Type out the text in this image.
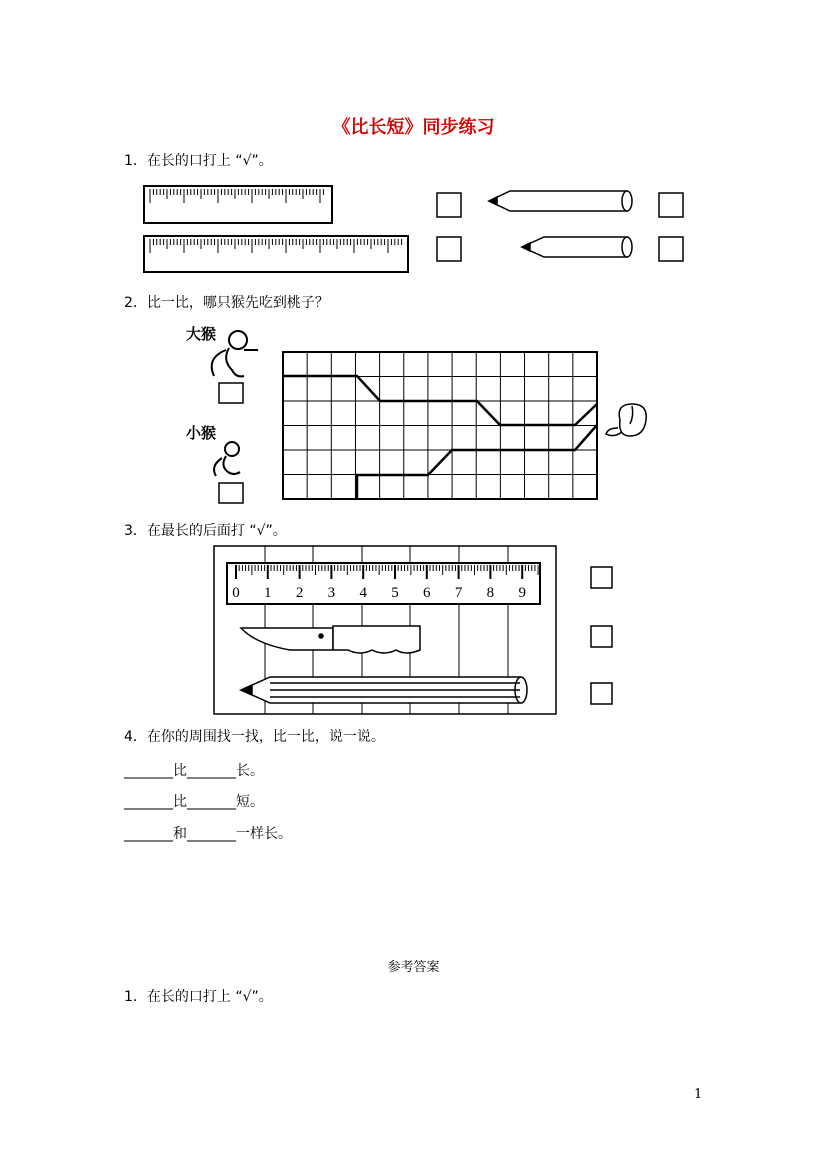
《比长短》同步练习
1．在长的口打上 “√”。
2．比一比，哪只猴先吃到桃子？
大猴
小猴
3．在最长的后面打 “√”。
0 1 2 3 4 5 6 7 8 9
4．在你的周围找一找，比一比，说一说。
_______比_______长。
_______比_______短。
_______和_______一样长。
参考答案
1．在长的口打上 “√”。
1
